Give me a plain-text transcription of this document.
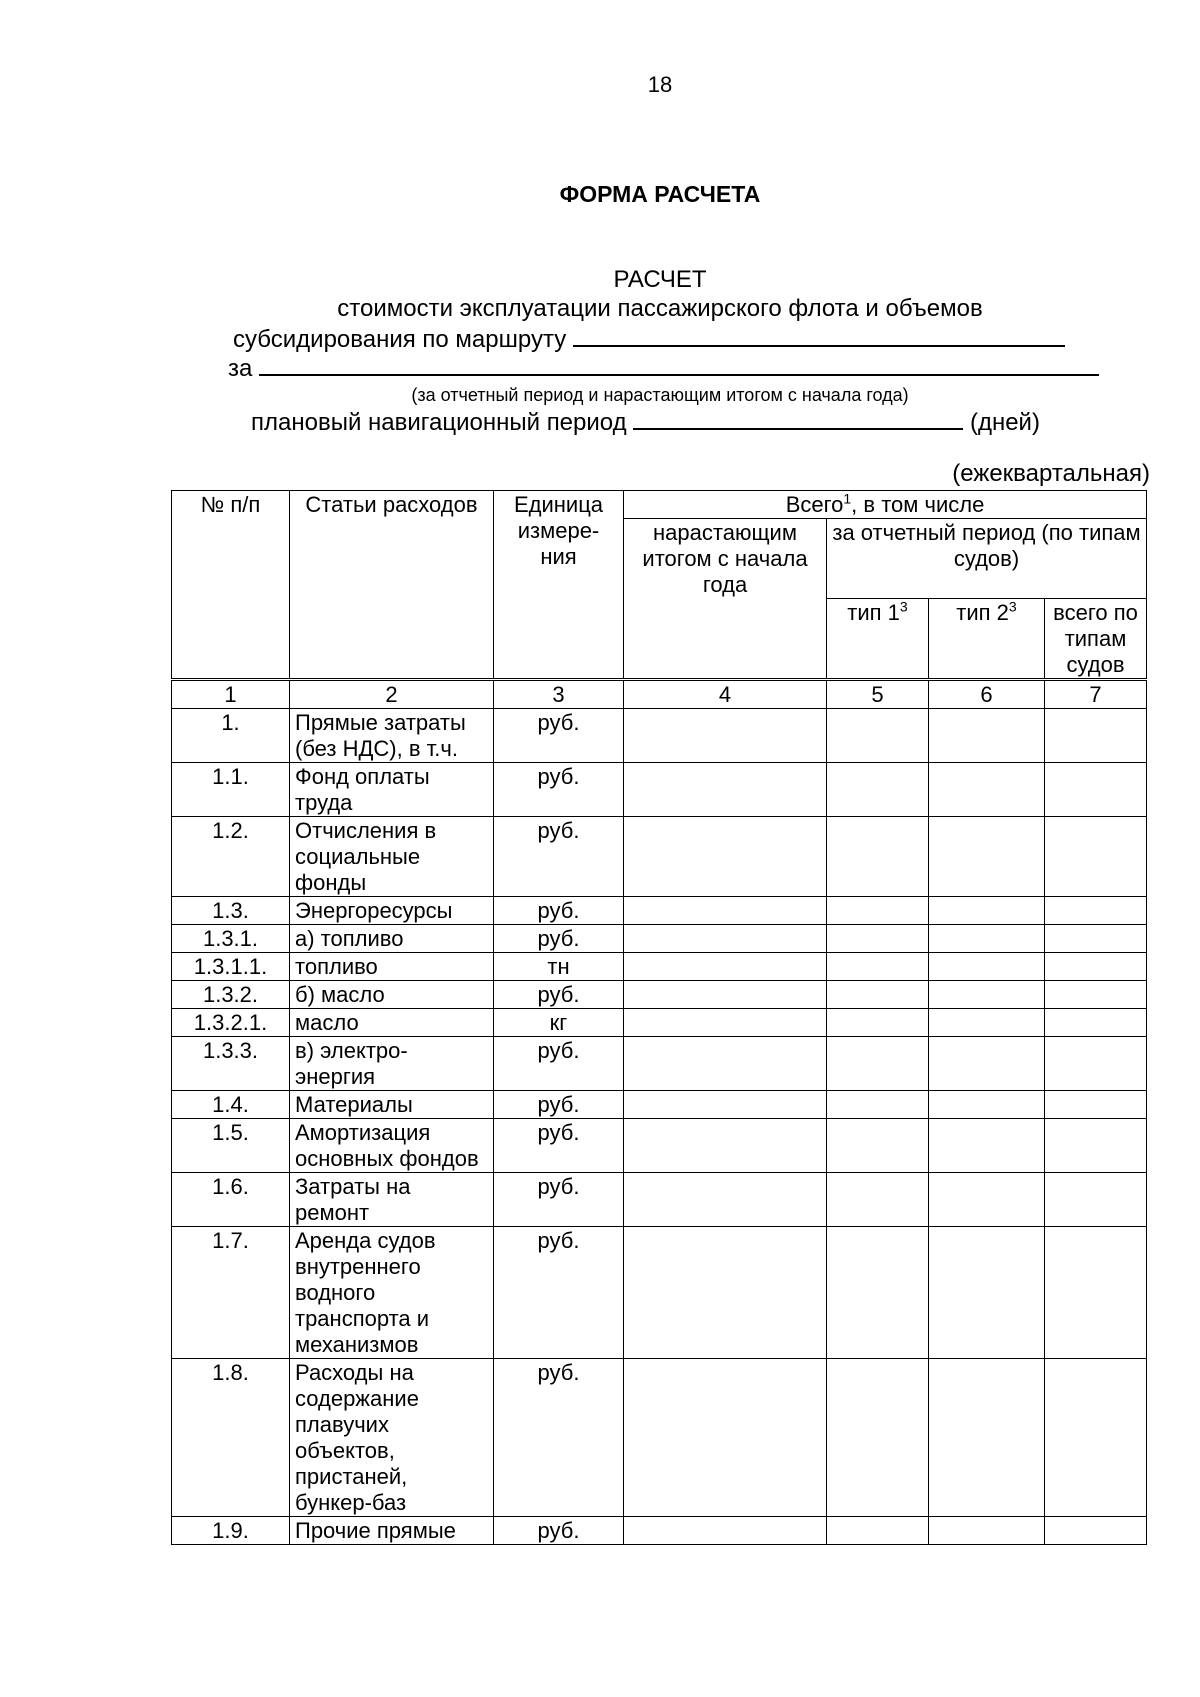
18
ФОРМА РАСЧЕТА
РАСЧЕТ
стоимости эксплуатации пассажирского флота и объемов
субсидирования по маршруту
за
(за отчетный период и нарастающим итогом с начала года)
плановый навигационный период	(дней)
(ежеквартальная)
№ п/п	Статьи расходов	Единица измере- ния	Всего$^1$, в том числе			
			нарастающим итогом с начала года	за отчетный период (по типам судов)		
				тип $1^3$	тип $2^3$	всего по типам судов
1	2	3	4	5	6	7
1.	Прямые затраты (без НДС), в т.ч.	руб.				
1.1.	Фонд оплаты труда	руб.				
1.2.	Отчисления в социальные фонды	руб.				
1.3.	Энергоресурсы	руб.				
1.3.1.	а) топливо	руб.				
1.3.1.1.	топливо	тн				
1.3.2.	б) масло	руб.				
1.3.2.1.	масло	кг				
1.3.3.	в) электро- энергия	руб.				
1.4.	Материалы	руб.				
1.5.	Амортизация основных фондов	руб.				
1.6.	Затраты на ремонт	руб.				
1.7.	Аренда судов внутреннего водного транспорта и механизмов	руб.				
1.8.	Расходы на содержание плавучих объектов, пристаней, бункер-баз	руб.				
1.9.	Прочие прямые	руб.				
